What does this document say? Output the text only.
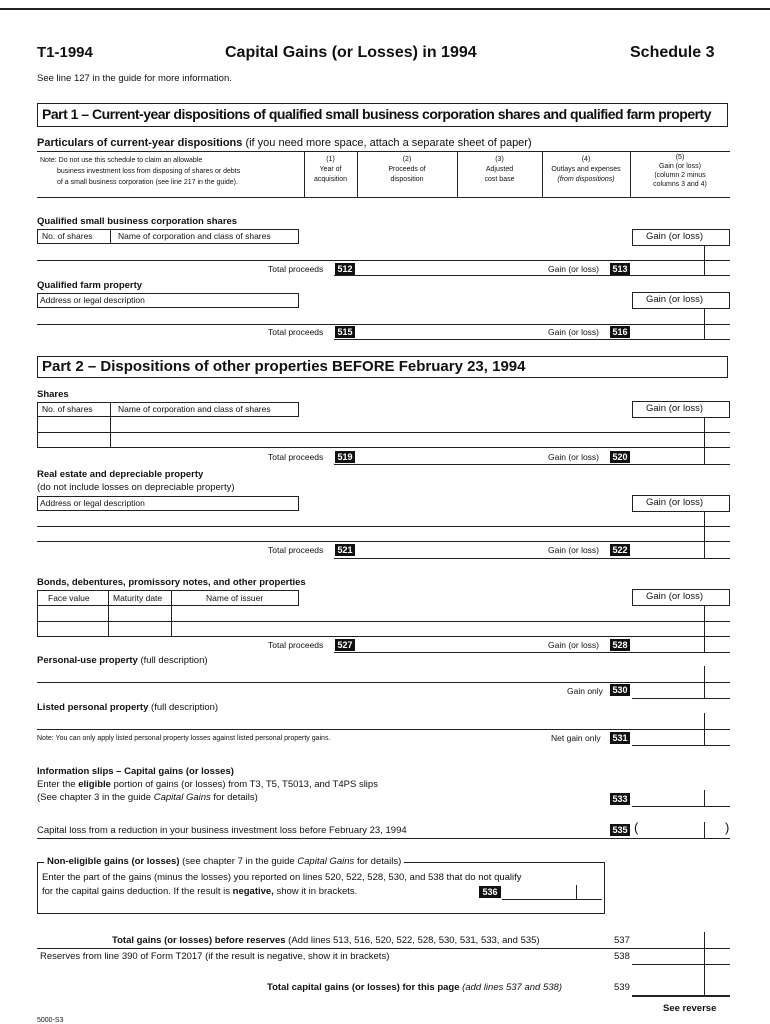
T1-1994	Capital Gains (or Losses) in 1994	Schedule 3
See line 127 in the guide for more information.
Part 1 – Current-year dispositions of qualified small business corporation shares and qualified farm property
Particulars of current-year dispositions (if you need more space, attach a separate sheet of paper)
Note: Do not use this schedule to claim an allowable
business investment loss from disposing of shares or debts
of a small business corporation (see line 217 in the guide).
(1)
Year of
acquisition
(2)
Proceeds of
disposition
(3)
Adjusted
cost base
(4)
Outlays and expenses
(from dispositions)
(5)
Gain (or loss)
(column 2 minus
columns 3 and 4)
Qualified small business corporation shares
No. of shares	Name of corporation and class of shares	Gain (or loss)
Total proceeds 512	Gain (or loss) 513
Qualified farm property
Address or legal description	Gain (or loss)
Total proceeds 515	Gain (or loss) 516
Part 2 – Dispositions of other properties BEFORE February 23, 1994
Shares
No. of shares	Name of corporation and class of shares	Gain (or loss)
Total proceeds 519	Gain (or loss) 520
Real estate and depreciable property
(do not include losses on depreciable property)
Address or legal description	Gain (or loss)
Total proceeds 521	Gain (or loss) 522
Bonds, debentures, promissory notes, and other properties
Face value	Maturity date	Name of issuer	Gain (or loss)
Total proceeds 527	Gain (or loss) 528
Personal-use property (full description)
Gain only 530
Listed personal property (full description)
Note: You can only apply listed personal property losses against listed personal property gains.	Net gain only 531
Information slips – Capital gains (or losses)
Enter the eligible portion of gains (or losses) from T3, T5, T5013, and T4PS slips
(See chapter 3 in the guide Capital Gains for details)	533
Capital loss from a reduction in your business investment loss before February 23, 1994	535 (	)
Non-eligible gains (or losses) (see chapter 7 in the guide Capital Gains for details)
Enter the part of the gains (minus the losses) you reported on lines 520, 522, 528, 530, and 538 that do not qualify
for the capital gains deduction. If the result is negative, show it in brackets.	536
Total gains (or losses) before reserves (Add lines 513, 516, 520, 522, 528, 530, 531, 533, and 535)	537
Reserves from line 390 of Form T2017 (if the result is negative, show it in brackets)	538
Total capital gains (or losses) for this page (add lines 537 and 538)	539
See reverse
5000-S3
